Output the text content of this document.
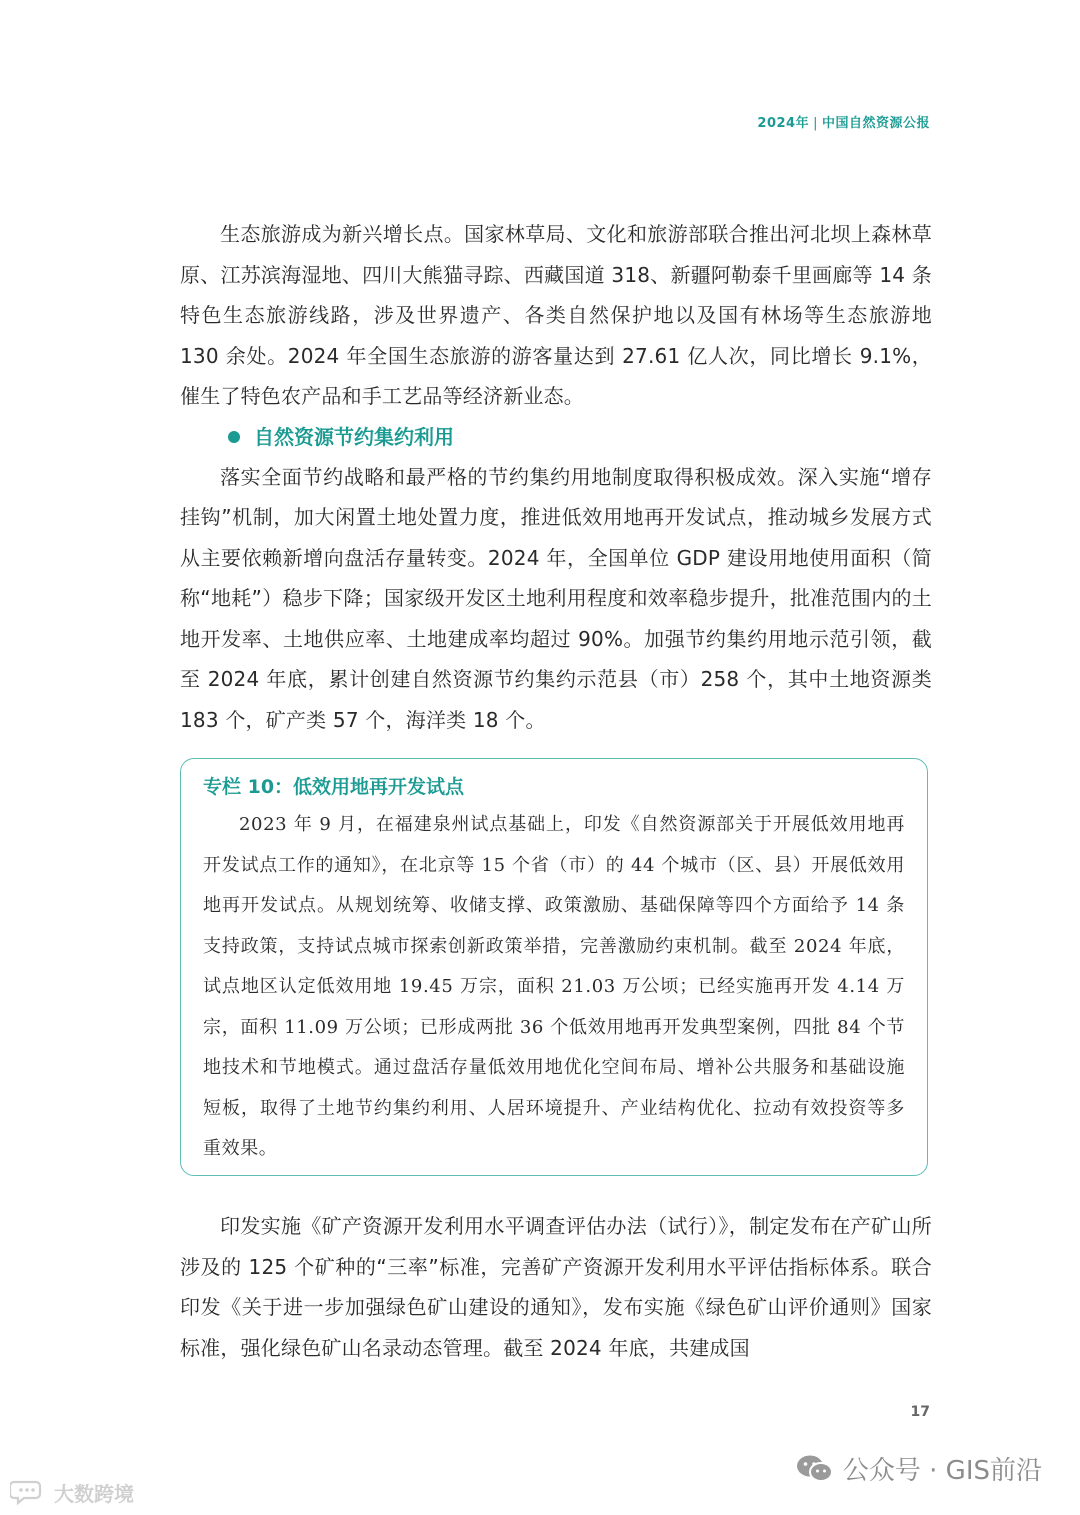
2024年 | 中国自然资源公报

生态旅游成为新兴增长点。国家林草局、文化和旅游部联合推出河北坝上森林草原、江苏滨海湿地、四川大熊猫寻踪、西藏国道 318、新疆阿勒泰千里画廊等 14 条特色生态旅游线路，涉及世界遗产、各类自然保护地以及国有林场等生态旅游地 130 余处。2024 年全国生态旅游的游客量达到 27.61 亿人次，同比增长 9.1%，催生了特色农产品和手工艺品等经济新业态。

自然资源节约集约利用

落实全面节约战略和最严格的节约集约用地制度取得积极成效。深入实施“增存挂钩”机制，加大闲置土地处置力度，推进低效用地再开发试点，推动城乡发展方式从主要依赖新增向盘活存量转变。2024 年，全国单位 GDP 建设用地使用面积（简称“地耗”）稳步下降；国家级开发区土地利用程度和效率稳步提升，批准范围内的土地开发率、土地供应率、土地建成率均超过 90%。加强节约集约用地示范引领，截至 2024 年底，累计创建自然资源节约集约示范县（市）258 个，其中土地资源类 183 个，矿产类 57 个，海洋类 18 个。

专栏 10：低效用地再开发试点

2023 年 9 月，在福建泉州试点基础上，印发《自然资源部关于开展低效用地再开发试点工作的通知》，在北京等 15 个省（市）的 44 个城市（区、县）开展低效用地再开发试点。从规划统筹、收储支撑、政策激励、基础保障等四个方面给予 14 条支持政策，支持试点城市探索创新政策举措，完善激励约束机制。截至 2024 年底，试点地区认定低效用地 19.45 万宗，面积 21.03 万公顷；已经实施再开发 4.14 万宗，面积 11.09 万公顷；已形成两批 36 个低效用地再开发典型案例，四批 84 个节地技术和节地模式。通过盘活存量低效用地优化空间布局、增补公共服务和基础设施短板，取得了土地节约集约利用、人居环境提升、产业结构优化、拉动有效投资等多重效果。

印发实施《矿产资源开发利用水平调查评估办法（试行）》，制定发布在产矿山所涉及的 125 个矿种的“三率”标准，完善矿产资源开发利用水平评估指标体系。联合印发《关于进一步加强绿色矿山建设的通知》，发布实施《绿色矿山评价通则》国家标准，强化绿色矿山名录动态管理。截至 2024 年底，共建成国

17
公众号 · GIS前沿
大数跨境
